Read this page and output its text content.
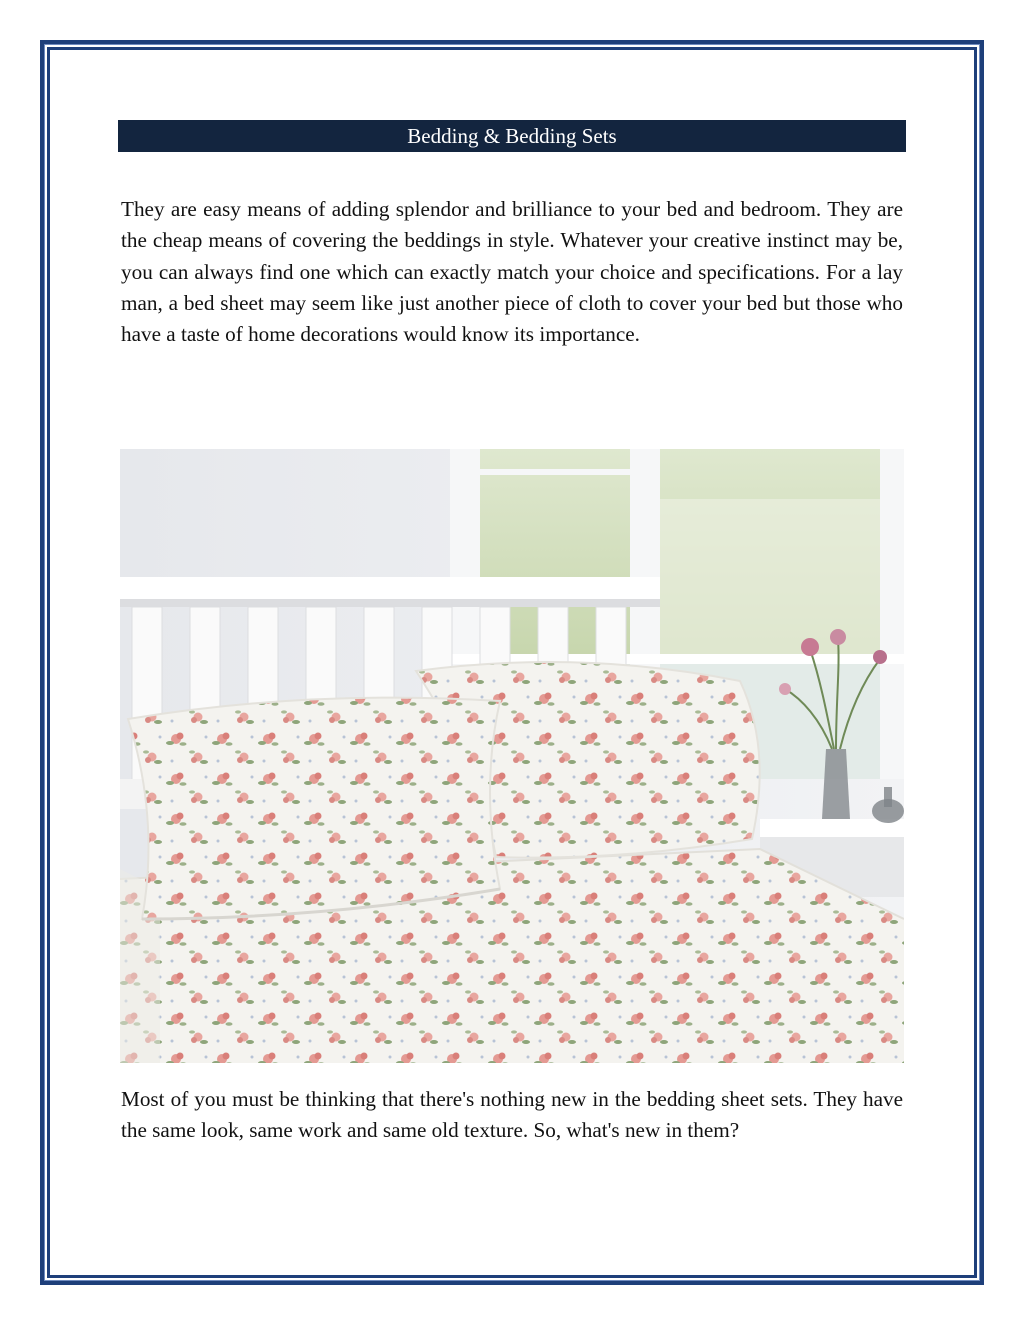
Bedding & Bedding Sets

They are easy means of adding splendor and brilliance to your bed and bedroom. They are the cheap means of covering the beddings in style. Whatever your creative instinct may be, you can always find one which can exactly match your choice and specifications. For a lay man, a bed sheet may seem like just another piece of cloth to cover your bed but those who have a taste of home decorations would know its importance.

Most of you must be thinking that there's nothing new in the bedding sheet sets. They have the same look, same work and same old texture. So, what's new in them?
